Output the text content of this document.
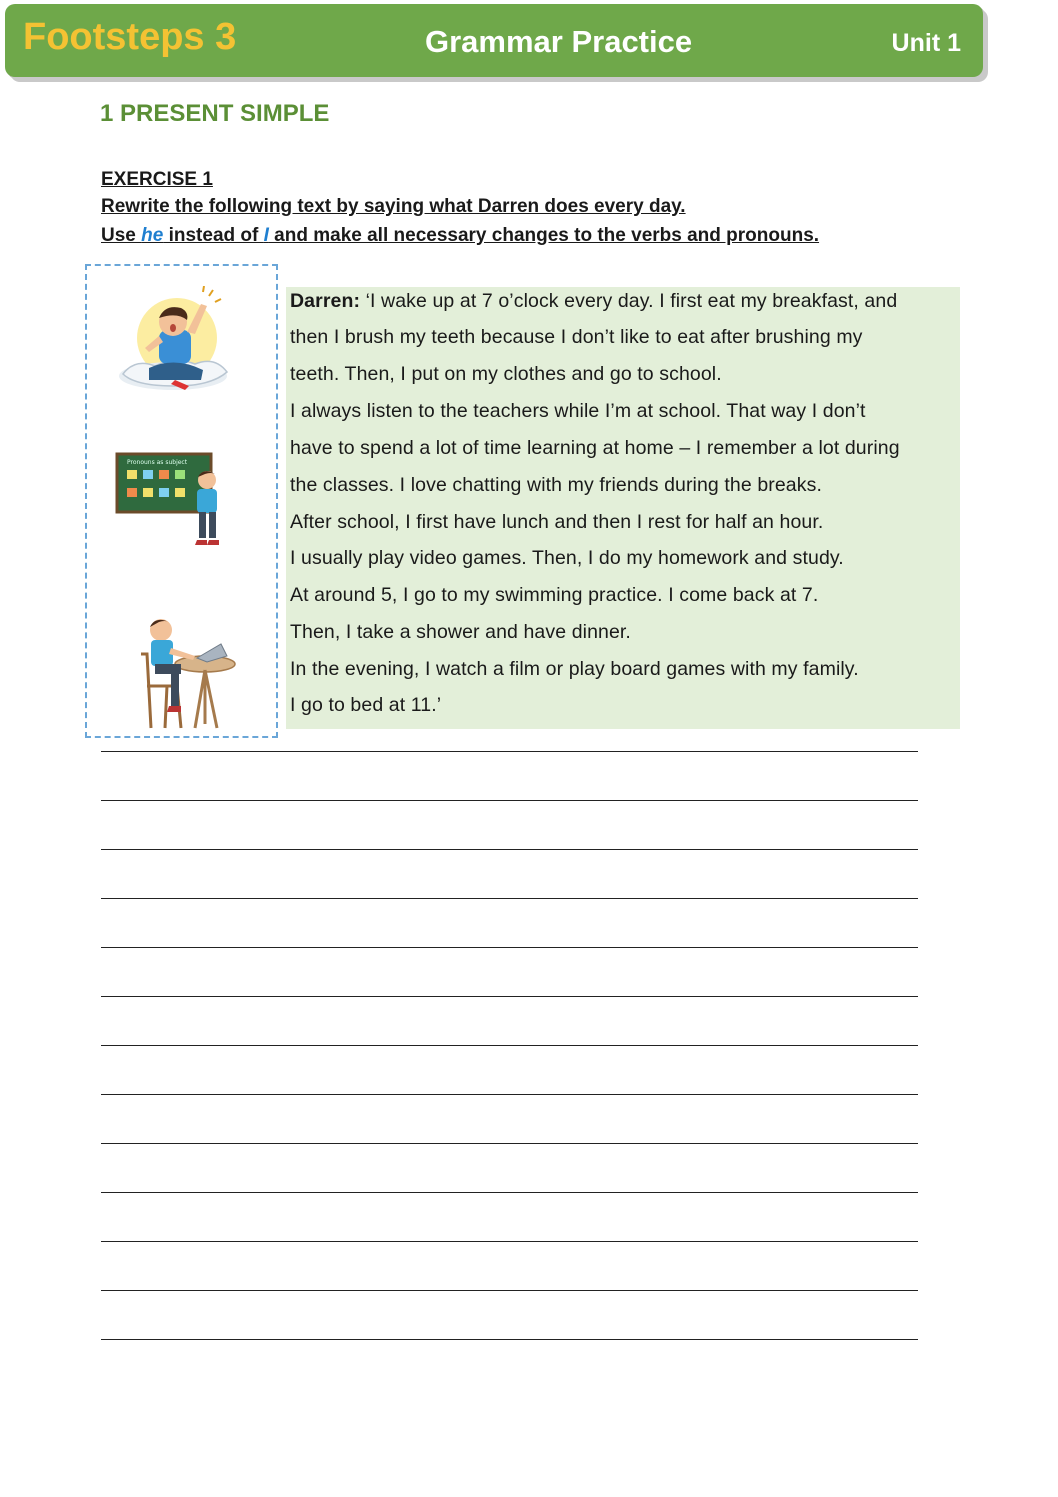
Footsteps 3	Grammar Practice	Unit 1
1 PRESENT SIMPLE
EXERCISE 1
Rewrite the following text by saying what Darren does every day.
Use he instead of I and make all necessary changes to the verbs and pronouns.
Pronouns as subject
Darren: ‘I wake up at 7 o’clock every day. I first eat my breakfast, and
then I brush my teeth because I don’t like to eat after brushing my
teeth. Then, I put on my clothes and go to school.
I always listen to the teachers while I’m at school. That way I don’t
have to spend a lot of time learning at home – I remember a lot during
the classes. I love chatting with my friends during the breaks.
After school, I first have lunch and then I rest for half an hour.
I usually play video games. Then, I do my homework and study.
At around 5, I go to my swimming practice. I come back at 7.
Then, I take a shower and have dinner.
In the evening, I watch a film or play board games with my family.
I go to bed at 11.’
